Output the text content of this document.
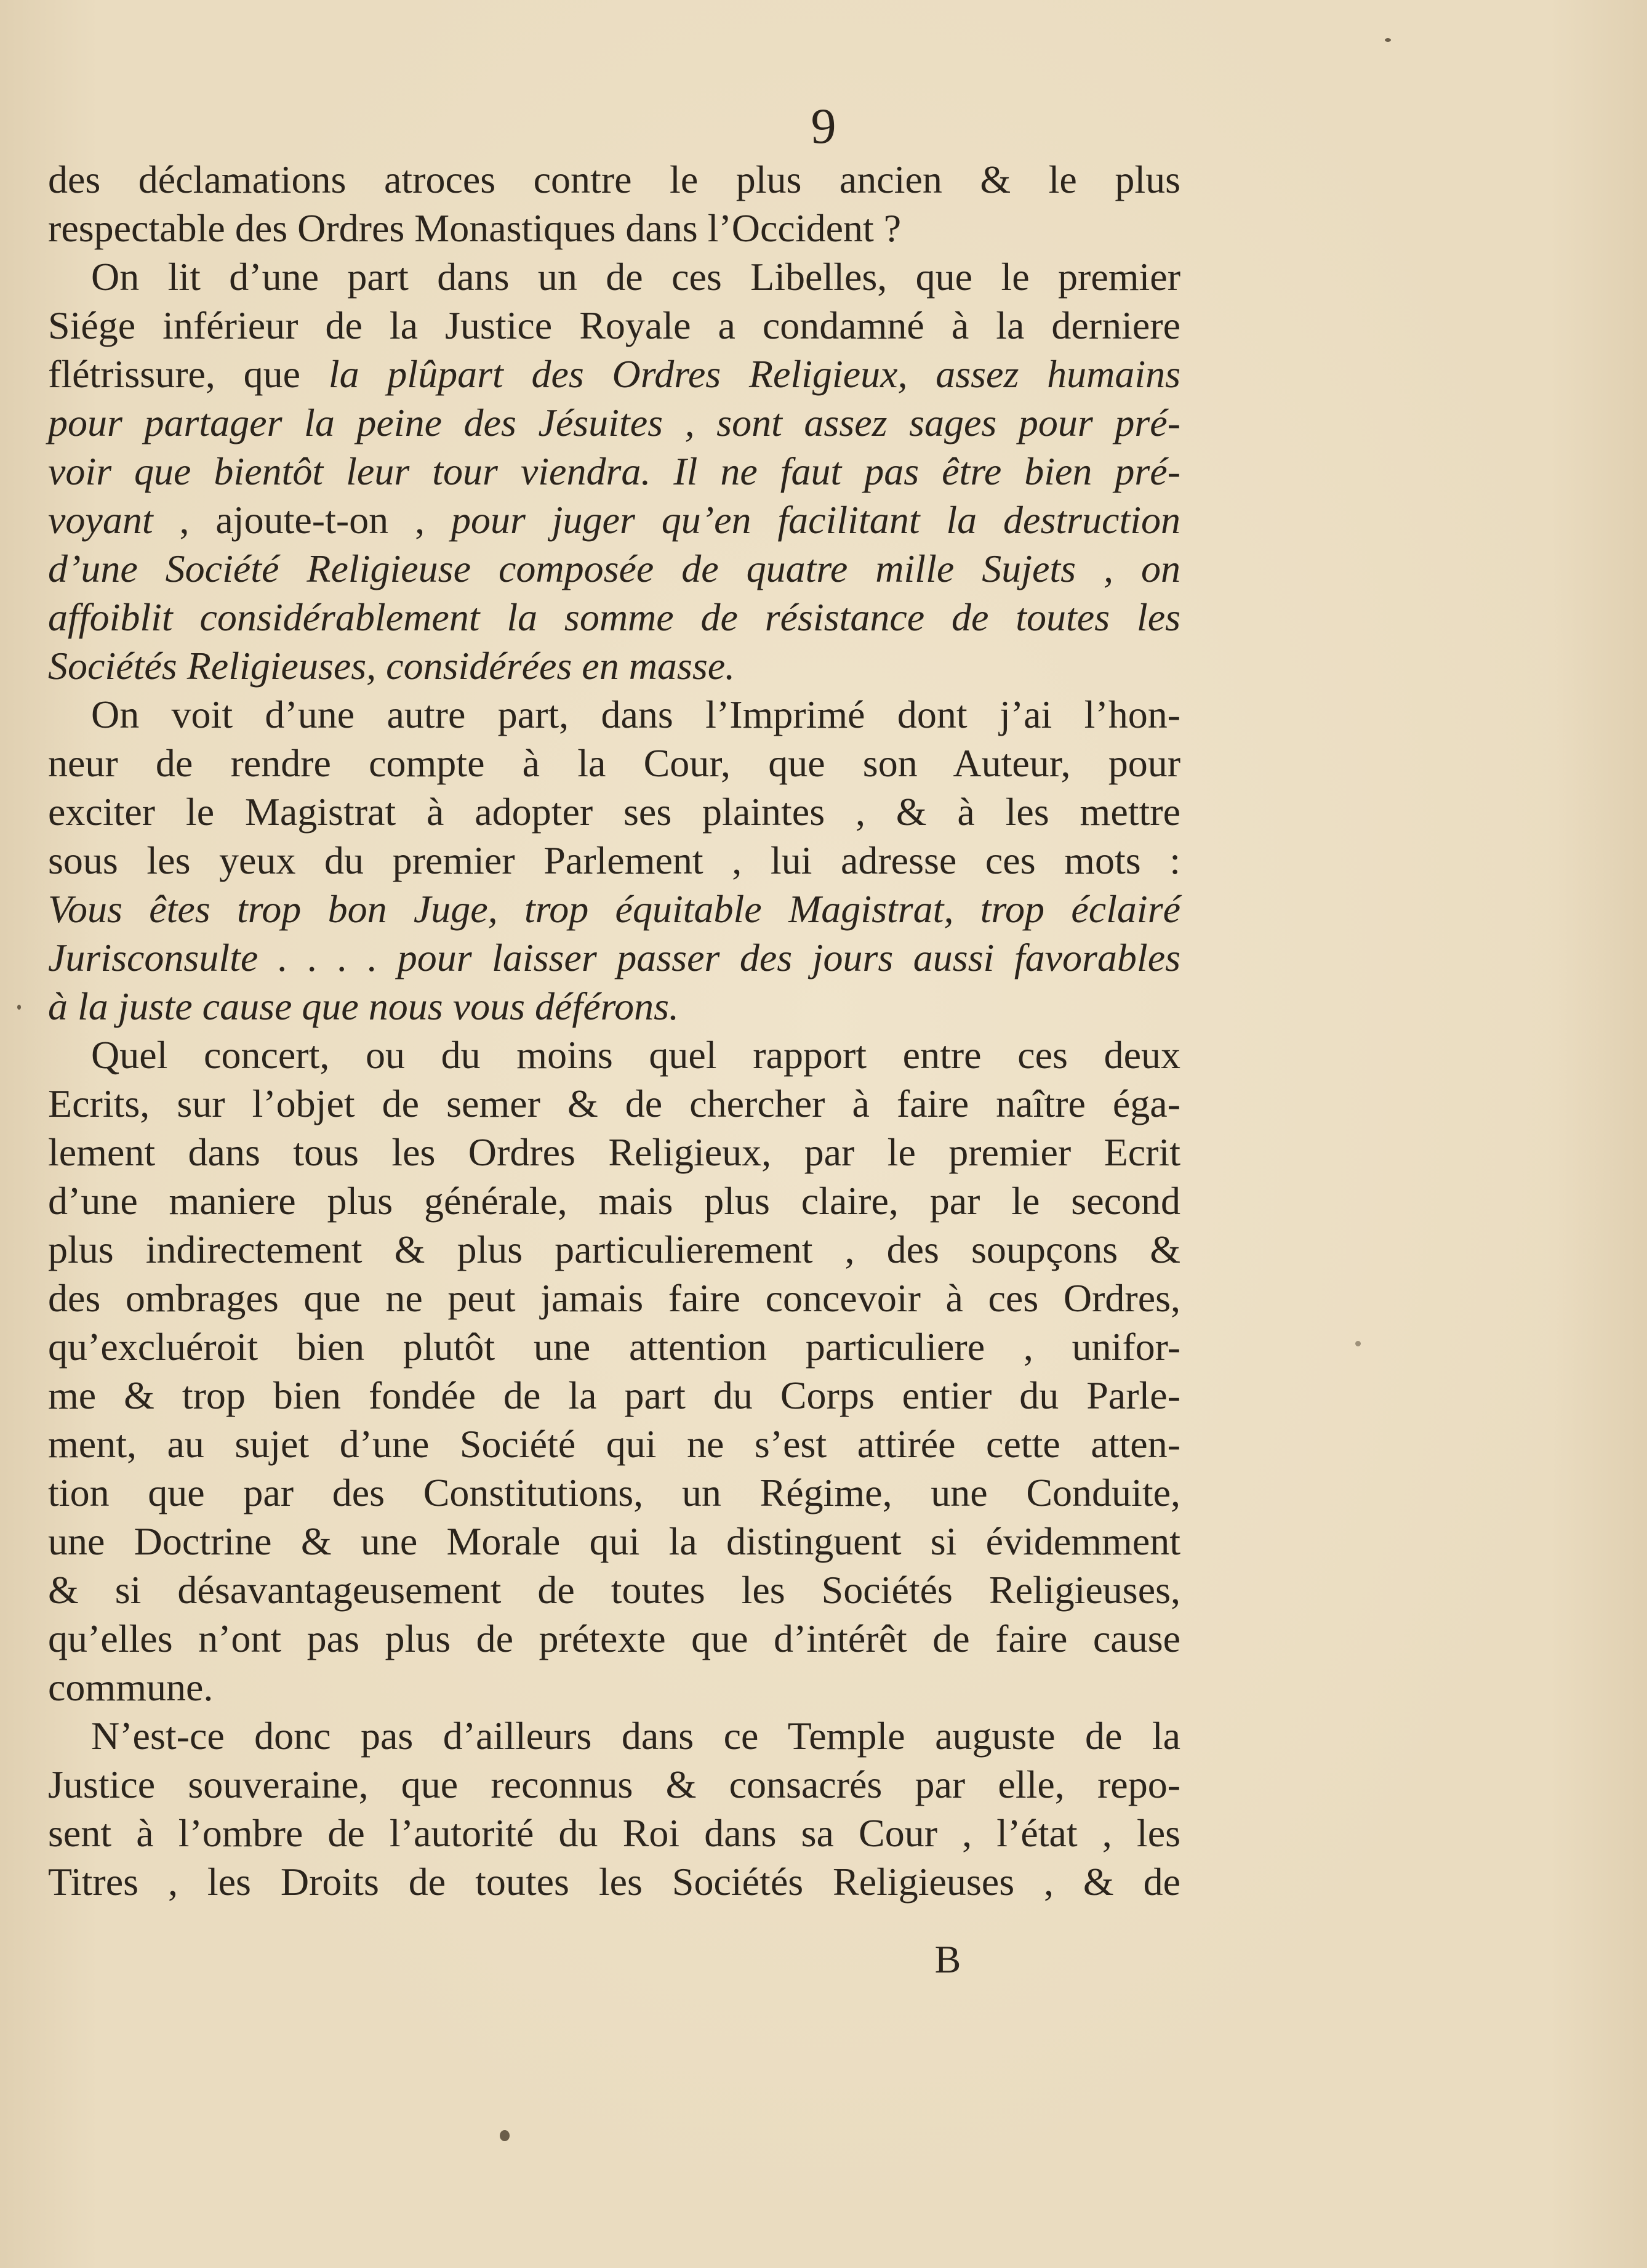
9
des déclamations atroces contre le plus ancien & le plus
respectable des Ordres Monastiques dans l’Occident ?
On lit d’une part dans un de ces Libelles, que le premier
Siége inférieur de la Justice Royale a condamné à la derniere
flétrissure, que la plûpart des Ordres Religieux, assez humains
pour partager la peine des Jésuites , sont assez sages pour pré-
voir que bientôt leur tour viendra. Il ne faut pas être bien pré-
voyant , ajoute-t-on , pour juger qu’en facilitant la destruction
d’une Société Religieuse composée de quatre mille Sujets , on
affoiblit considérablement la somme de résistance de toutes les
Sociétés Religieuses, considérées en masse.
On voit d’une autre part, dans l’Imprimé dont j’ai l’hon-
neur de rendre compte à la Cour, que son Auteur, pour
exciter le Magistrat à adopter ses plaintes , & à les mettre
sous les yeux du premier Parlement , lui adresse ces mots :
Vous êtes trop bon Juge, trop équitable Magistrat, trop éclairé
Jurisconsulte . . . . pour laisser passer des jours aussi favorables
à la juste cause que nous vous déférons.
Quel concert, ou du moins quel rapport entre ces deux
Ecrits, sur l’objet de semer & de chercher à faire naître éga-
lement dans tous les Ordres Religieux, par le premier Ecrit
d’une maniere plus générale, mais plus claire, par le second
plus indirectement & plus particulierement , des soupçons &
des ombrages que ne peut jamais faire concevoir à ces Ordres,
qu’excluéroit bien plutôt une attention particuliere , unifor-
me & trop bien fondée de la part du Corps entier du Parle-
ment, au sujet d’une Société qui ne s’est attirée cette atten-
tion que par des Constitutions, un Régime, une Conduite,
une Doctrine & une Morale qui la distinguent si évidemment
& si désavantageusement de toutes les Sociétés Religieuses,
qu’elles n’ont pas plus de prétexte que d’intérêt de faire cause
commune.
N’est-ce donc pas d’ailleurs dans ce Temple auguste de la
Justice souveraine, que reconnus & consacrés par elle, repo-
sent à l’ombre de l’autorité du Roi dans sa Cour , l’état , les
Titres , les Droits de toutes les Sociétés Religieuses , & de
B
